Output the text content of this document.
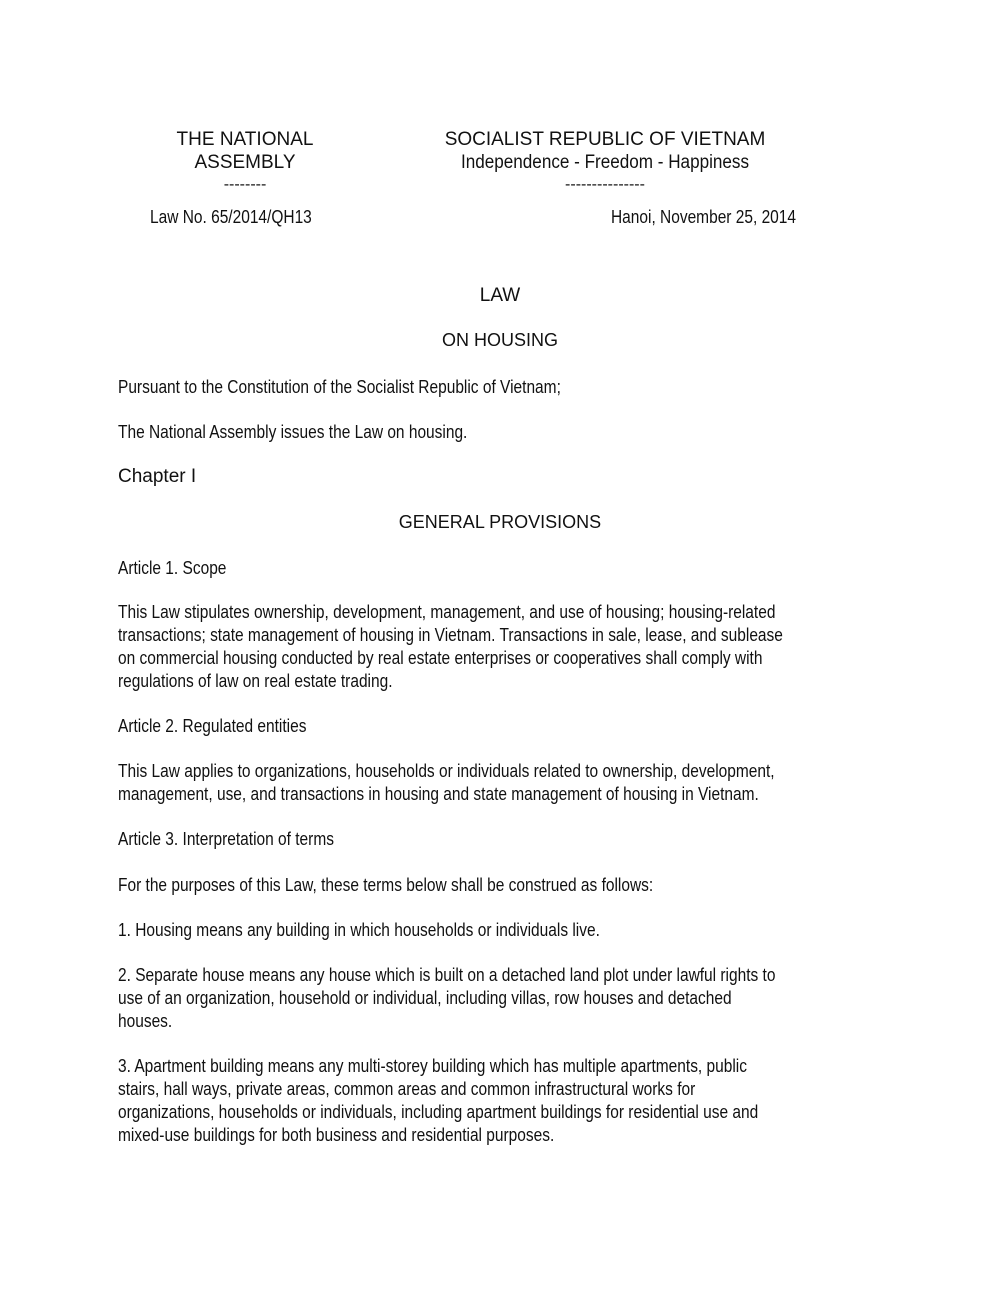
THE NATIONAL
ASSEMBLY
--------
SOCIALIST REPUBLIC OF VIETNAM
Independence - Freedom - Happiness
---------------
Law No. 65/2014/QH13	Hanoi, November 25, 2014
LAW
ON HOUSING
Pursuant to the Constitution of the Socialist Republic of Vietnam;
The National Assembly issues the Law on housing.
Chapter I
GENERAL PROVISIONS
Article 1. Scope
This Law stipulates ownership, development, management, and use of housing; housing-related
transactions; state management of housing in Vietnam. Transactions in sale, lease, and sublease
on commercial housing conducted by real estate enterprises or cooperatives shall comply with
regulations of law on real estate trading.
Article 2. Regulated entities
This Law applies to organizations, households or individuals related to ownership, development,
management, use, and transactions in housing and state management of housing in Vietnam.
Article 3. Interpretation of terms
For the purposes of this Law, these terms below shall be construed as follows:
1. Housing means any building in which households or individuals live.
2. Separate house means any house which is built on a detached land plot under lawful rights to
use of an organization, household or individual, including villas, row houses and detached
houses.
3. Apartment building means any multi-storey building which has multiple apartments, public
stairs, hall ways, private areas, common areas and common infrastructural works for
organizations, households or individuals, including apartment buildings for residential use and
mixed-use buildings for both business and residential purposes.
